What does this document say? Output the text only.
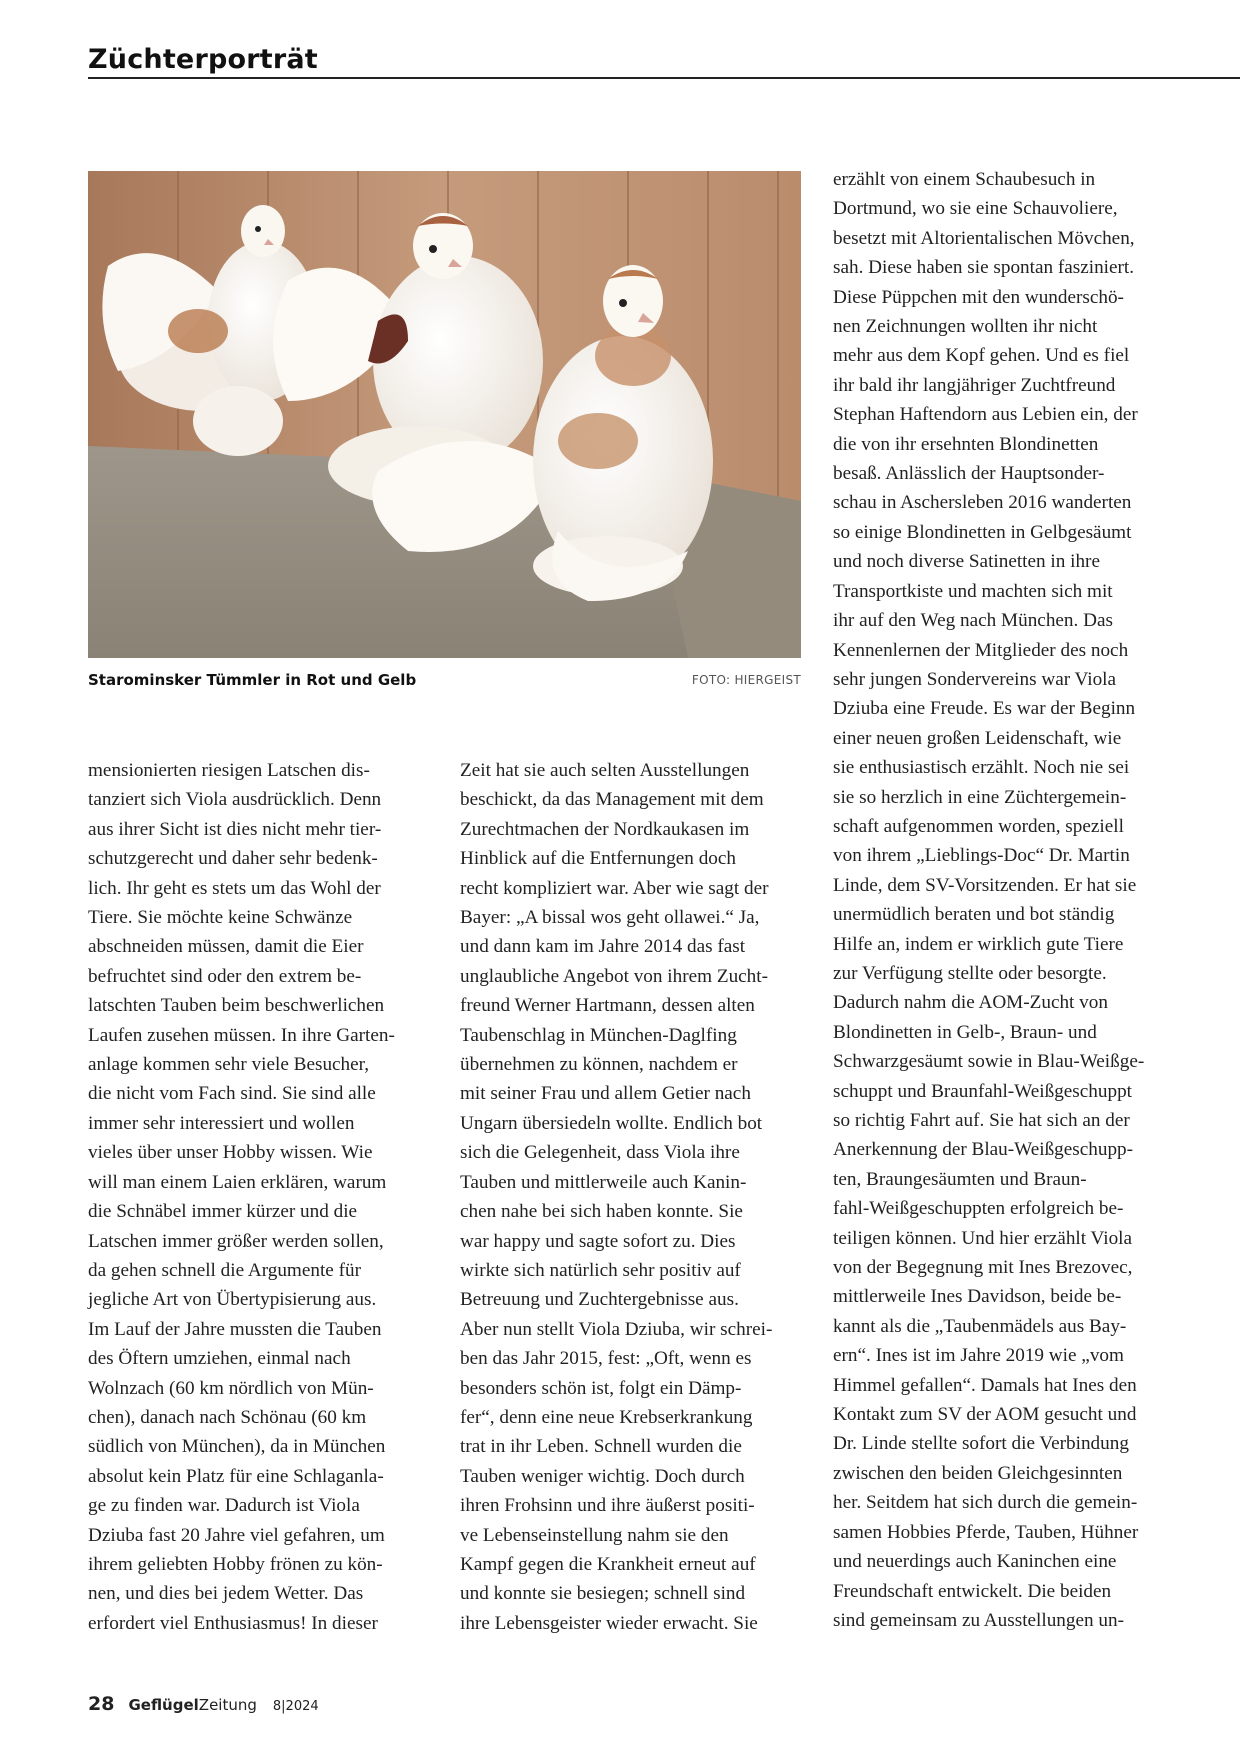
Züchterporträt
Starominsker Tümmler in Rot und Gelb	FOTO: HIERGEIST

mensionierten riesigen Latschen dis-
tanziert sich Viola ausdrücklich. Denn
aus ihrer Sicht ist dies nicht mehr tier-
schutzgerecht und daher sehr bedenk-
lich. Ihr geht es stets um das Wohl der
Tiere. Sie möchte keine Schwänze
abschneiden müssen, damit die Eier
befruchtet sind oder den extrem be-
latschten Tauben beim beschwerlichen
Laufen zusehen müssen. In ihre Garten-
anlage kommen sehr viele Besucher,
die nicht vom Fach sind. Sie sind alle
immer sehr interessiert und wollen
vieles über unser Hobby wissen. Wie
will man einem Laien erklären, warum
die Schnäbel immer kürzer und die
Latschen immer größer werden sollen,
da gehen schnell die Argumente für
jegliche Art von Übertypisierung aus.
Im Lauf der Jahre mussten die Tauben
des Öftern umziehen, einmal nach
Wolnzach (60 km nördlich von Mün-
chen), danach nach Schönau (60 km
südlich von München), da in München
absolut kein Platz für eine Schlaganla-
ge zu finden war. Dadurch ist Viola
Dziuba fast 20 Jahre viel gefahren, um
ihrem geliebten Hobby frönen zu kön-
nen, und dies bei jedem Wetter. Das
erfordert viel Enthusiasmus! In dieser

Zeit hat sie auch selten Ausstellungen
beschickt, da das Management mit dem
Zurechtmachen der Nordkaukasen im
Hinblick auf die Entfernungen doch
recht kompliziert war. Aber wie sagt der
Bayer: „A bissal wos geht ollawei.“ Ja,
und dann kam im Jahre 2014 das fast
unglaubliche Angebot von ihrem Zucht-
freund Werner Hartmann, dessen alten
Taubenschlag in München-Daglfing
übernehmen zu können, nachdem er
mit seiner Frau und allem Getier nach
Ungarn übersiedeln wollte. Endlich bot
sich die Gelegenheit, dass Viola ihre
Tauben und mittlerweile auch Kanin-
chen nahe bei sich haben konnte. Sie
war happy und sagte sofort zu. Dies
wirkte sich natürlich sehr positiv auf
Betreuung und Zuchtergebnisse aus.
Aber nun stellt Viola Dziuba, wir schrei-
ben das Jahr 2015, fest: „Oft, wenn es
besonders schön ist, folgt ein Dämp-
fer“, denn eine neue Krebserkrankung
trat in ihr Leben. Schnell wurden die
Tauben weniger wichtig. Doch durch
ihren Frohsinn und ihre äußerst positi-
ve Lebenseinstellung nahm sie den
Kampf gegen die Krankheit erneut auf
und konnte sie besiegen; schnell sind
ihre Lebensgeister wieder erwacht. Sie

erzählt von einem Schaubesuch in
Dortmund, wo sie eine Schauvoliere,
besetzt mit Altorientalischen Mövchen,
sah. Diese haben sie spontan fasziniert.
Diese Püppchen mit den wunderschö-
nen Zeichnungen wollten ihr nicht
mehr aus dem Kopf gehen. Und es fiel
ihr bald ihr langjähriger Zuchtfreund
Stephan Haftendorn aus Lebien ein, der
die von ihr ersehnten Blondinetten
besaß. Anlässlich der Hauptsonder-
schau in Aschersleben 2016 wanderten
so einige Blondinetten in Gelbgesäumt
und noch diverse Satinetten in ihre
Transportkiste und machten sich mit
ihr auf den Weg nach München. Das
Kennenlernen der Mitglieder des noch
sehr jungen Sondervereins war Viola
Dziuba eine Freude. Es war der Beginn
einer neuen großen Leidenschaft, wie
sie enthusiastisch erzählt. Noch nie sei
sie so herzlich in eine Züchtergemein-
schaft aufgenommen worden, speziell
von ihrem „Lieblings-Doc“ Dr. Martin
Linde, dem SV-Vorsitzenden. Er hat sie
unermüdlich beraten und bot ständig
Hilfe an, indem er wirklich gute Tiere
zur Verfügung stellte oder besorgte.
Dadurch nahm die AOM-Zucht von
Blondinetten in Gelb-, Braun- und
Schwarzgesäumt sowie in Blau-Weißge-
schuppt und Braunfahl-Weißgeschuppt
so richtig Fahrt auf. Sie hat sich an der
Anerkennung der Blau-Weißgeschupp-
ten, Braungesäumten und Braun-
fahl-Weißgeschuppten erfolgreich be-
teiligen können. Und hier erzählt Viola
von der Begegnung mit Ines Brezovec,
mittlerweile Ines Davidson, beide be-
kannt als die „Taubenmädels aus Bay-
ern“. Ines ist im Jahre 2019 wie „vom
Himmel gefallen“. Damals hat Ines den
Kontakt zum SV der AOM gesucht und
Dr. Linde stellte sofort die Verbindung
zwischen den beiden Gleichgesinnten
her. Seitdem hat sich durch die gemein-
samen Hobbies Pferde, Tauben, Hühner
und neuerdings auch Kaninchen eine
Freundschaft entwickelt. Die beiden
sind gemeinsam zu Ausstellungen un-

28 Geflügel Zeitung 8|2024
